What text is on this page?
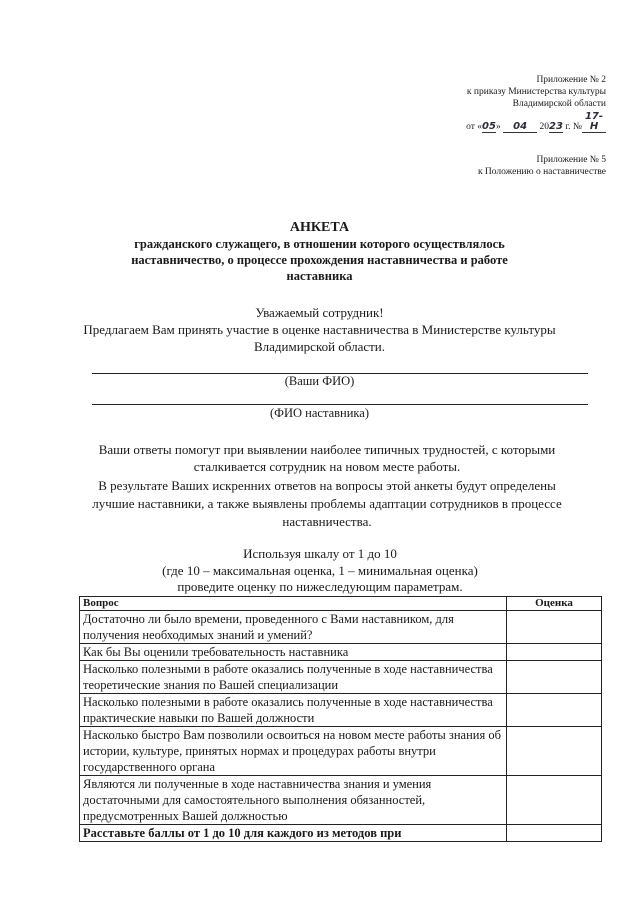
Приложение № 2
к приказу Министерства культуры
Владимирской области
от «05» 04 2023 г. №17-Н
Приложение № 5
к Положению о наставничестве
АНКЕТА
гражданского служащего, в отношении которого осуществлялось наставничество, о процессе прохождения наставничества и работе наставника
Уважаемый сотрудник!
Предлагаем Вам принять участие в оценке наставничества в Министерстве культуры Владимирской области.
(Ваши ФИО)
(ФИО наставника)
Ваши ответы помогут при выявлении наиболее типичных трудностей, с которыми сталкивается сотрудник на новом месте работы.
В результате Ваших искренних ответов на вопросы этой анкеты будут определены лучшие наставники, а также выявлены проблемы адаптации сотрудников в процессе наставничества.
Используя шкалу от 1 до 10
(где 10 – максимальная оценка, 1 – минимальная оценка)
проведите оценку по нижеследующим параметрам.
Вопрос	Оценка
Достаточно ли было времени, проведенного с Вами наставником, для получения необходимых знаний и умений?	
Как бы Вы оценили требовательность наставника	
Насколько полезными в работе оказались полученные в ходе наставничества теоретические знания по Вашей специализации	
Насколько полезными в работе оказались полученные в ходе наставничества практические навыки по Вашей должности	
Насколько быстро Вам позволили освоиться на новом месте работы знания об истории, культуре, принятых нормах и процедурах работы внутри государственного органа	
Являются ли полученные в ходе наставничества знания и умения достаточными для самостоятельного выполнения обязанностей, предусмотренных Вашей должностью	
Расставьте баллы от 1 до 10 для каждого из методов при	
